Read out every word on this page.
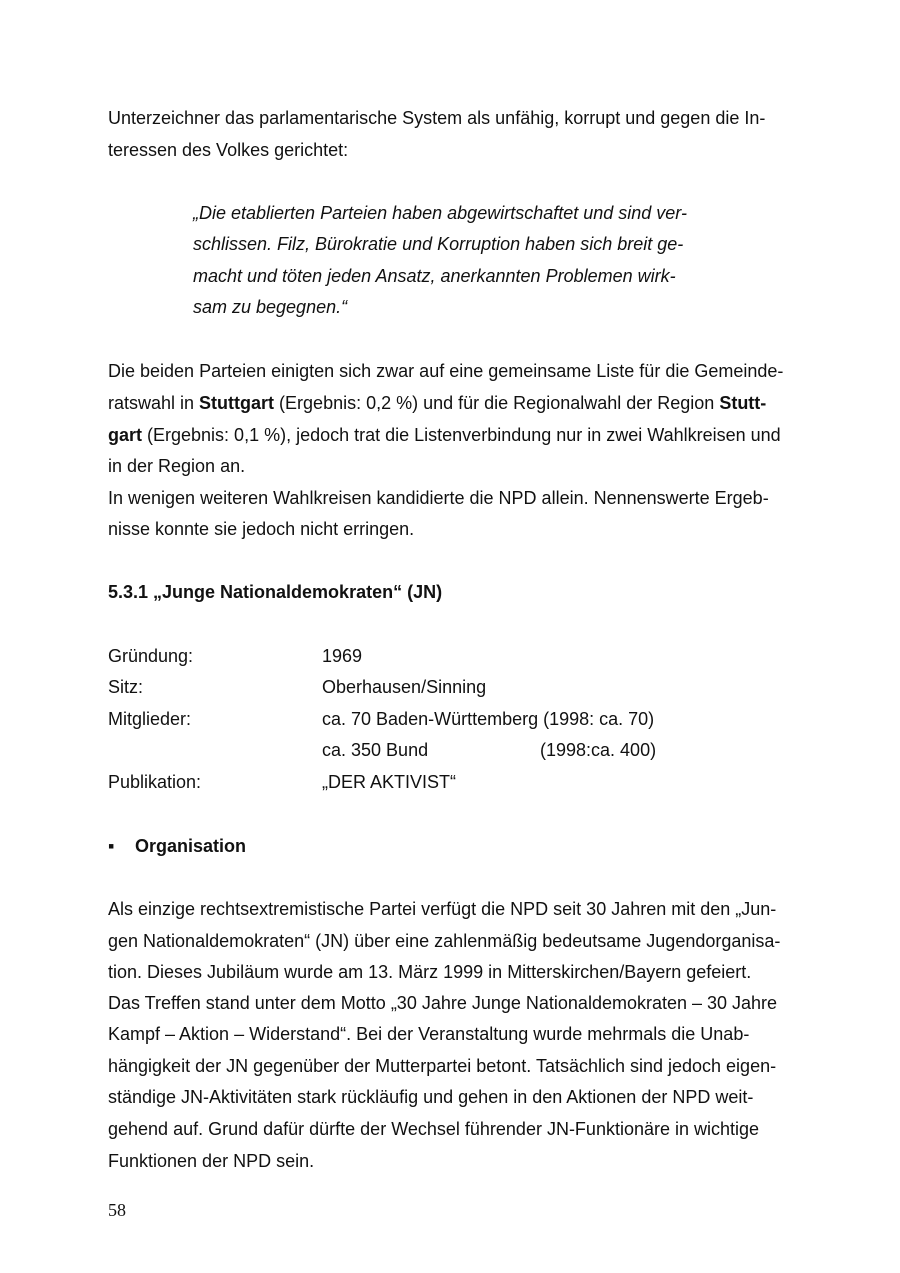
Unterzeichner das parlamentarische System als unfähig, korrupt und gegen die In-
teressen des Volkes gerichtet:
„Die etablierten Parteien haben abgewirtschaftet und sind ver-
schlissen. Filz, Bürokratie und Korruption haben sich breit ge-
macht und töten jeden Ansatz, anerkannten Problemen wirk-
sam zu begegnen.“
Die beiden Parteien einigten sich zwar auf eine gemeinsame Liste für die Gemeinde-
ratswahl in Stuttgart (Ergebnis: 0,2 %) und für die Regionalwahl der Region Stutt-
gart (Ergebnis: 0,1 %), jedoch trat die Listenverbindung nur in zwei Wahlkreisen und
in der Region an.
In wenigen weiteren Wahlkreisen kandidierte die NPD allein. Nennenswerte Ergeb-
nisse konnte sie jedoch nicht erringen.
5.3.1 „Junge Nationaldemokraten“ (JN)
Gründung:	1969
Sitz:	Oberhausen/Sinning
Mitglieder:	ca. 70 Baden-Württemberg (1998: ca. 70)
ca. 350 Bund	(1998:ca. 400)
Publikation:	„DER AKTIVIST“
▪ Organisation
Als einzige rechtsextremistische Partei verfügt die NPD seit 30 Jahren mit den „Jun-
gen Nationaldemokraten“ (JN) über eine zahlenmäßig bedeutsame Jugendorganisa-
tion. Dieses Jubiläum wurde am 13. März 1999 in Mitterskirchen/Bayern gefeiert.
Das Treffen stand unter dem Motto „30 Jahre Junge Nationaldemokraten – 30 Jahre
Kampf – Aktion – Widerstand“. Bei der Veranstaltung wurde mehrmals die Unab-
hängigkeit der JN gegenüber der Mutterpartei betont. Tatsächlich sind jedoch eigen-
ständige JN-Aktivitäten stark rückläufig und gehen in den Aktionen der NPD weit-
gehend auf. Grund dafür dürfte der Wechsel führender JN-Funktionäre in wichtige
Funktionen der NPD sein.
58
